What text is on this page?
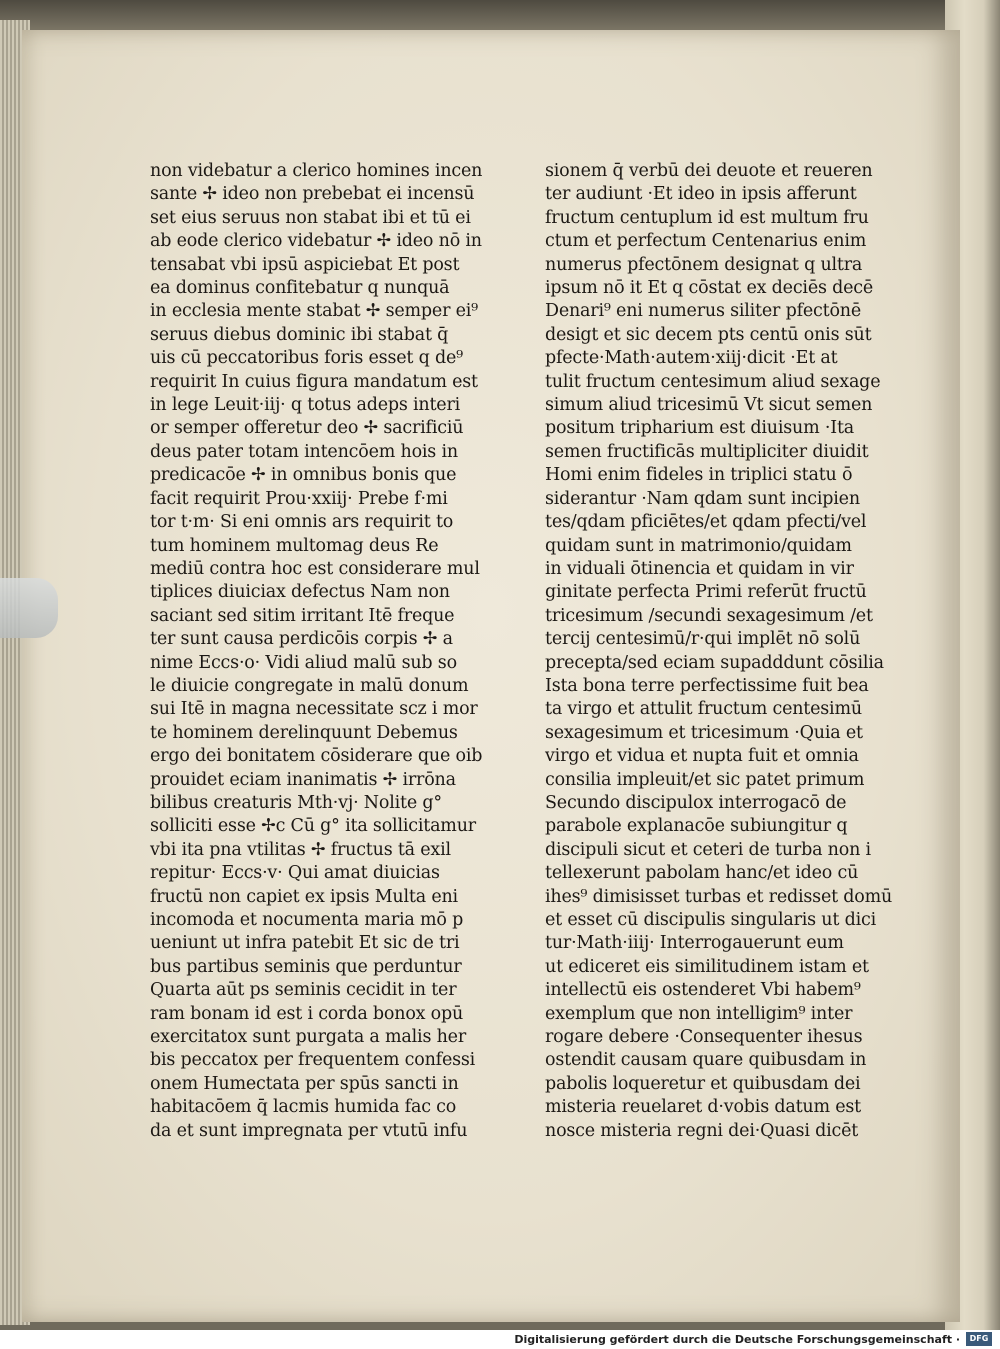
non videbatur a clerico homines incen
sante ✢ ideo non prebebat ei incensū
set eius seruus non stabat ibi et tū ei
ab eode clerico videbatur ✢ ideo nō in
tensabat vbi ipsū aspiciebat Et post
ea dominus confitebatur q nunquā
in ecclesia mente stabat ✢ semper ei⁹
seruus diebus dominic ibi stabat q̄
uis cū peccatoribus foris esset q de⁹
requirit In cuius figura mandatum est
in lege Leuit·iij· q totus adeps interi
or semper offeretur deo ✢ sacrificiū
deus pater totam intencōem hois in
predicacōe ✢ in omnibus bonis que
facit requirit Prou·xxiij· Prebe f·mi
tor t·m· Si eni omnis ars requirit to
tum hominem multomag deus Re
mediū contra hoc est considerare mul
tiplices diuiciax defectus Nam non
saciant sed sitim irritant Itē freque
ter sunt causa perdicōis corpis ✢ a
nime Eccs·o· Vidi aliud malū sub so
le diuicie congregate in malū donum
sui Itē in magna necessitate scz i mor
te hominem derelinquunt Debemus
ergo dei bonitatem cōsiderare que oib
prouidet eciam inanimatis ✢ irrōna
bilibus creaturis Mth·vj· Nolite g°
solliciti esse ✢c Cū g° ita sollicitamur
vbi ita pna vtilitas ✢ fructus tā exil
repitur· Eccs·v· Qui amat diuicias
fructū non capiet ex ipsis Multa eni
incomoda et nocumenta maria mō p
ueniunt ut infra patebit Et sic de tri
bus partibus seminis que perduntur
Quarta aūt ps seminis cecidit in ter
ram bonam id est i corda bonox opū
exercitatox sunt purgata a malis her
bis peccatox per frequentem confessi
onem Humectata per spūs sancti in
habitacōem q̄ lacmis humida fac co
da et sunt impregnata per vtutū infu
sionem q̄ verbū dei deuote et reueren
ter audiunt ·Et ideo in ipsis afferunt
fructum centuplum id est multum fru
ctum et perfectum Centenarius enim
numerus pfectōnem designat q ultra
ipsum nō it Et q cōstat ex deciēs decē
Denari⁹ eni numerus siliter pfectōnē
desigt et sic decem pts centū onis sūt
pfecte·Math·autem·xiij·dicit ·Et at
tulit fructum centesimum aliud sexage
simum aliud tricesimū Vt sicut semen
positum tripharium est diuisum ·Ita
semen fructificās multipliciter diuidit
Homi enim fideles in triplici statu ō
siderantur ·Nam qdam sunt incipien
tes/qdam pficiētes/et qdam pfecti/vel
quidam sunt in matrimonio/quidam
in viduali ōtinencia et quidam in vir
ginitate perfecta Primi referūt fructū
tricesimum /secundi sexagesimum /et
tercij centesimū/r·qui implēt nō solū
precepta/sed eciam supadddunt cōsilia
Ista bona terre perfectissime fuit bea
ta virgo et attulit fructum centesimū
sexagesimum et tricesimum ·Quia et
virgo et vidua et nupta fuit et omnia
consilia impleuit/et sic patet primum
Secundo discipulox interrogacō de
parabole explanacōe subiungitur q
discipuli sicut et ceteri de turba non i
tellexerunt pabolam hanc/et ideo cū
ihes⁹ dimisisset turbas et redisset domū
et esset cū discipulis singularis ut dici
tur·Math·iiij· Interrogauerunt eum
ut ediceret eis similitudinem istam et
intellectū eis ostenderet Vbi habem⁹
exemplum que non intelligim⁹ inter
rogare debere ·Consequenter ihesus
ostendit causam quare quibusdam in
pabolis loqueretur et quibusdam dei
misteria reuelaret d·vobis datum est
nosce misteria regni dei·Quasi dicēt
Digitalisierung gefördert durch die Deutsche Forschungsgemeinschaft ·	DFG
